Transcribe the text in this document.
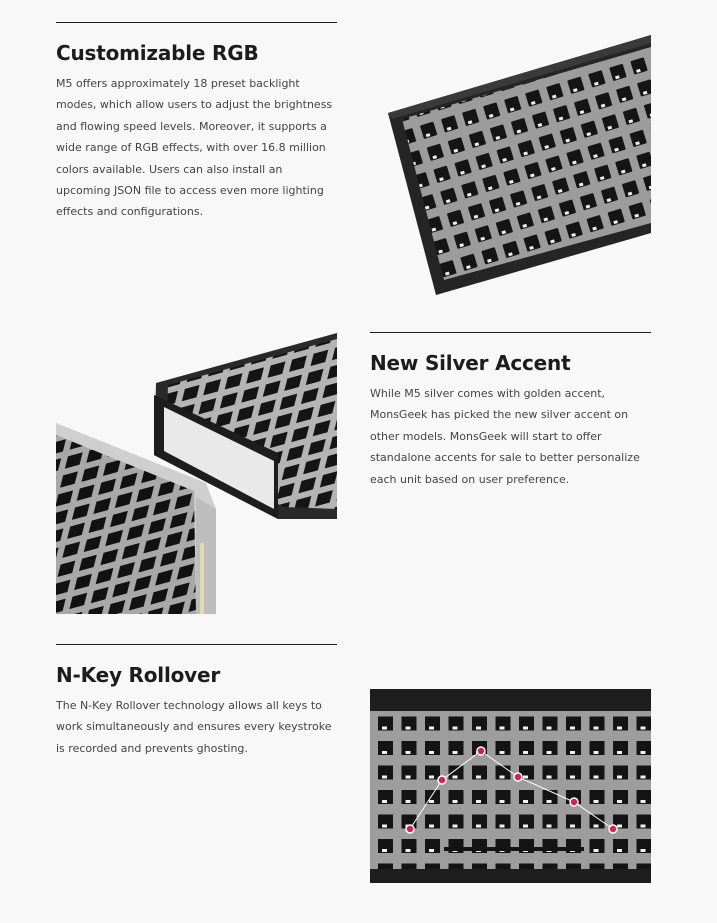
Customizable RGB

M5 offers approximately 18 preset backlight modes, which allow users to adjust the brightness and flowing speed levels. Moreover, it supports a wide range of RGB effects, with over 16.8 million colors available. Users can also install an upcoming JSON file to access even more lighting effects and configurations.

New Silver Accent

While M5 silver comes with golden accent, MonsGeek has picked the new silver accent on other models. MonsGeek will start to offer standalone accents for sale to better personalize each unit based on user preference.

N-Key Rollover

The N-Key Rollover technology allows all keys to work simultaneously and ensures every keystroke is recorded and prevents ghosting.
